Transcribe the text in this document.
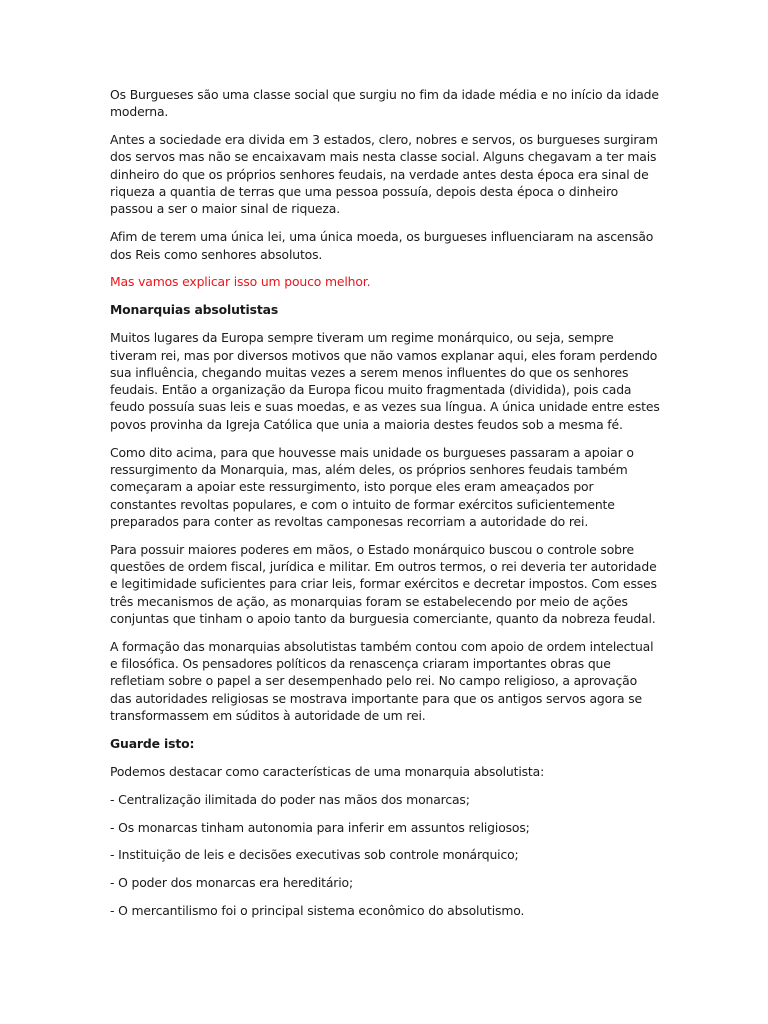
Os Burgueses são uma classe social que surgiu no fim da idade média e no início da idade moderna.

Antes a sociedade era divida em 3 estados, clero, nobres e servos, os burgueses surgiram dos servos mas não se encaixavam mais nesta classe social. Alguns chegavam a ter mais dinheiro do que os próprios senhores feudais, na verdade antes desta época era sinal de riqueza a quantia de terras que uma pessoa possuía, depois desta época o dinheiro passou a ser o maior sinal de riqueza.

Afim de terem uma única lei, uma única moeda, os burgueses influenciaram na ascensão dos Reis como senhores absolutos.

Mas vamos explicar isso um pouco melhor.

Monarquias absolutistas

Muitos lugares da Europa sempre tiveram um regime monárquico, ou seja, sempre tiveram rei, mas por diversos motivos que não vamos explanar aqui, eles foram perdendo sua influência, chegando muitas vezes a serem menos influentes do que os senhores feudais. Então a organização da Europa ficou muito fragmentada (dividida), pois cada feudo possuía suas leis e suas moedas, e as vezes sua língua. A única unidade entre estes povos provinha da Igreja Católica que unia a maioria destes feudos sob a mesma fé.

Como dito acima, para que houvesse mais unidade os burgueses passaram a apoiar o ressurgimento da Monarquia, mas, além deles, os próprios senhores feudais também começaram a apoiar este ressurgimento, isto porque eles eram ameaçados por constantes revoltas populares, e com o intuito de formar exércitos suficientemente preparados para conter as revoltas camponesas recorriam a autoridade do rei.

Para possuir maiores poderes em mãos, o Estado monárquico buscou o controle sobre questões de ordem fiscal, jurídica e militar. Em outros termos, o rei deveria ter autoridade e legitimidade suficientes para criar leis, formar exércitos e decretar impostos. Com esses três mecanismos de ação, as monarquias foram se estabelecendo por meio de ações conjuntas que tinham o apoio tanto da burguesia comerciante, quanto da nobreza feudal.

A formação das monarquias absolutistas também contou com apoio de ordem intelectual e filosófica. Os pensadores políticos da renascença criaram importantes obras que refletiam sobre o papel a ser desempenhado pelo rei. No campo religioso, a aprovação das autoridades religiosas se mostrava importante para que os antigos servos agora se transformassem em súditos à autoridade de um rei.

Guarde isto:

Podemos destacar como características de uma monarquia absolutista:

- Centralização ilimitada do poder nas mãos dos monarcas;

- Os monarcas tinham autonomia para inferir em assuntos religiosos;

- Instituição de leis e decisões executivas sob controle monárquico;

- O poder dos monarcas era hereditário;

- O mercantilismo foi o principal sistema econômico do absolutismo.
